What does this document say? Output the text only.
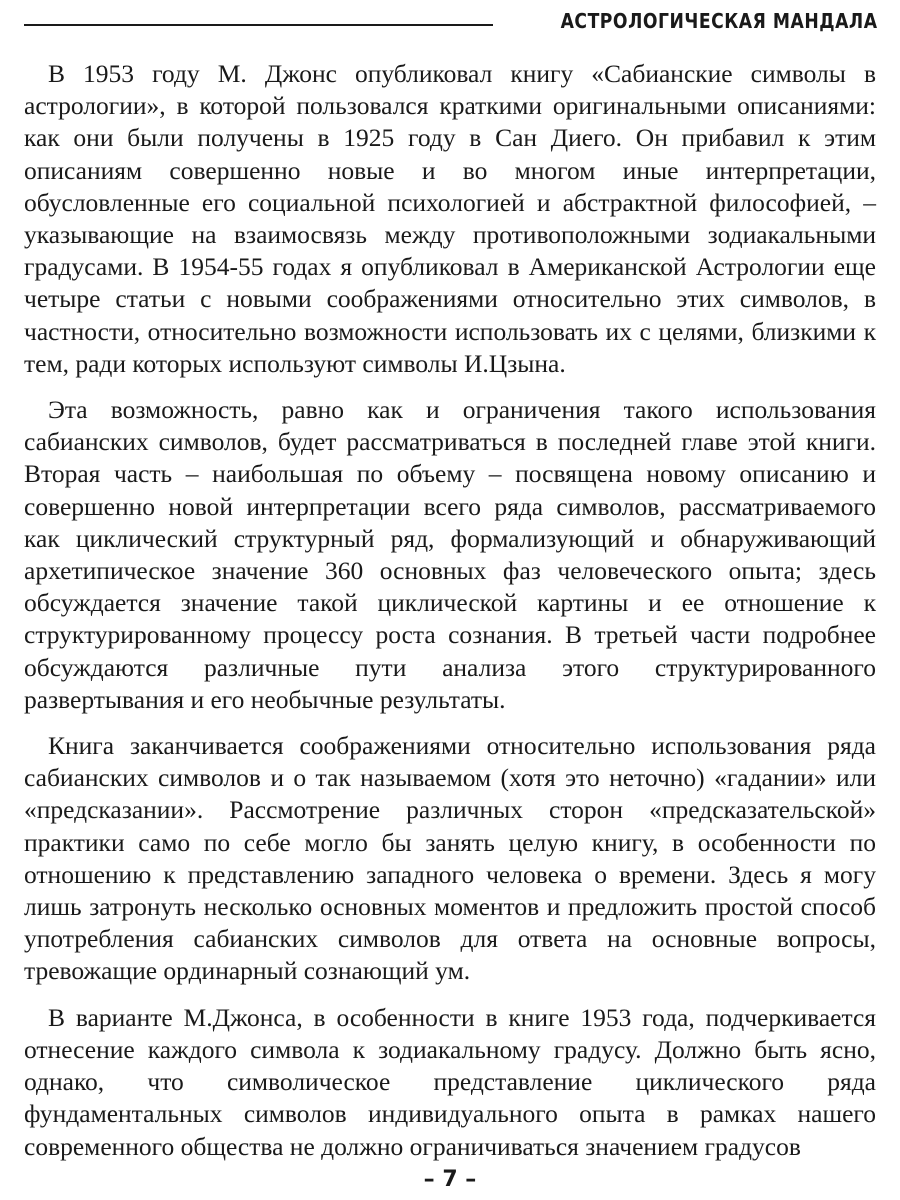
АСТРОЛОГИЧЕСКАЯ МАНДАЛА

В 1953 году М. Джонс опубликовал книгу «Сабианские символы в астрологии», в которой пользовался краткими оригинальными описаниями: как они были получены в 1925 году в Сан Диего. Он прибавил к этим описаниям совершенно новые и во многом иные интерпретации, обусловленные его социальной психологией и абстрактной философией, – указывающие на взаимосвязь между противоположными зодиакальными градусами. В 1954-55 годах я опубликовал в Американской Астрологии еще четыре статьи с новыми соображениями относительно этих символов, в частности, относительно возможности использовать их с целями, близкими к тем, ради которых используют символы И.Цзына.

Эта возможность, равно как и ограничения такого использования сабианских символов, будет рассматриваться в последней главе этой книги. Вторая часть – наибольшая по объему – посвящена новому описанию и совершенно новой интерпретации всего ряда символов, рассматриваемого как циклический структурный ряд, формализующий и обнаруживающий архетипическое значение 360 основных фаз человеческого опыта; здесь обсуждается значение такой циклической картины и ее отношение к структурированному процессу роста сознания. В третьей части подробнее обсуждаются различные пути анализа этого структурированного развертывания и его необычные результаты.

Книга заканчивается соображениями относительно использования ряда сабианских символов и о так называемом (хотя это неточно) «гадании» или «предсказании». Рассмотрение различных сторон «предсказательской» практики само по себе могло бы занять целую книгу, в особенности по отношению к представлению западного человека о времени. Здесь я могу лишь затронуть несколько основных моментов и предложить простой способ употребления сабианских символов для ответа на основные вопросы, тревожащие ординарный сознающий ум.

В варианте М.Джонса, в особенности в книге 1953 года, подчеркивается отнесение каждого символа к зодиакальному градусу. Должно быть ясно, однако, что символическое представление циклического ряда фундаментальных символов индивидуального опыта в рамках нашего современного общества не должно ограничиваться значением градусов

– 7 –
